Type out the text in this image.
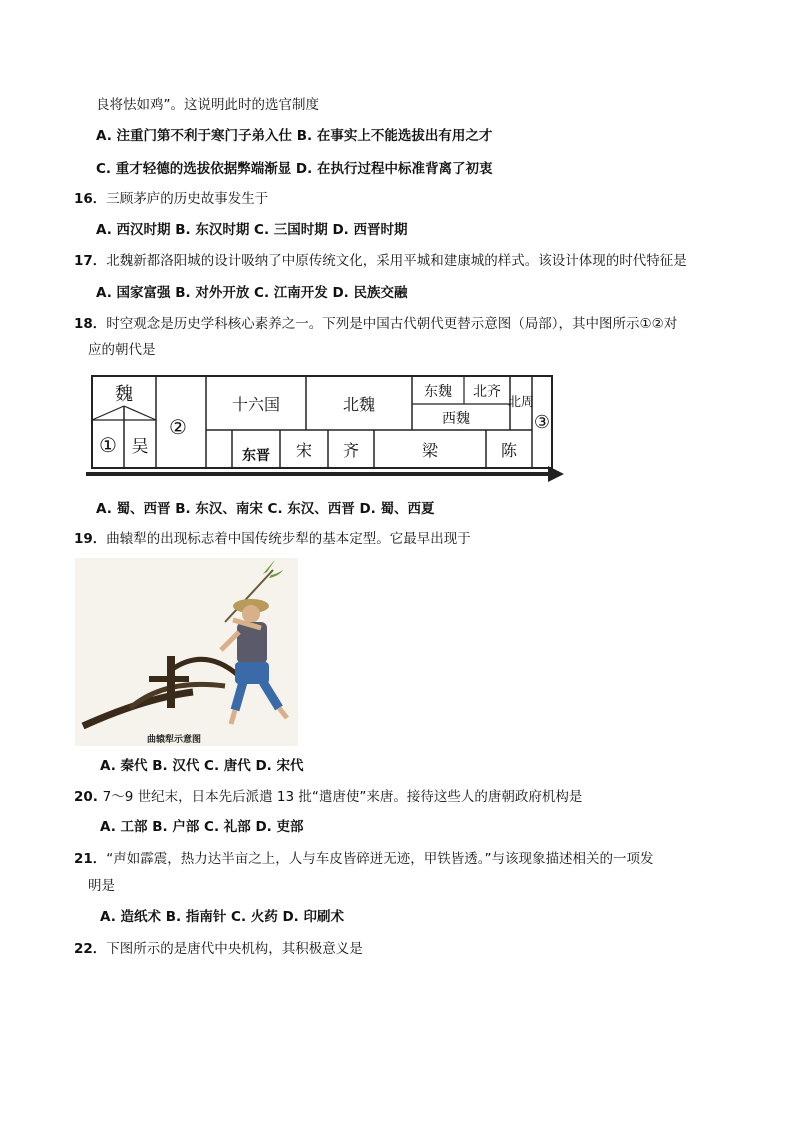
良将怯如鸡”。这说明此时的选官制度
A. 注重门第不利于寒门子弟入仕 B. 在事实上不能选拔出有用之才
C. 重才轻德的选拔依据弊端渐显 D. 在执行过程中标准背离了初衷
16．三顾茅庐的历史故事发生于
A. 西汉时期 B. 东汉时期 C. 三国时期 D. 西晋时期
17．北魏新都洛阳城的设计吸纳了中原传统文化，采用平城和建康城的样式。该设计体现的时代特征是
A. 国家富强 B. 对外开放 C. 江南开发 D. 民族交融
18．时空观念是历史学科核心素养之一。下列是中国古代朝代更替示意图（局部），其中图所示①②对
应的朝代是
魏
① 吴
②
十六国	北魏
东魏 北齐
北周
西魏	③
东晋 宋 齐	梁	陈
A. 蜀、西晋 B. 东汉、南宋 C. 东汉、西晋 D. 蜀、西夏
19．曲辕犁的出现标志着中国传统步犁的基本定型。它最早出现于
曲辕犁示意图
A. 秦代 B. 汉代 C. 唐代 D. 宋代
20. 7～9 世纪末，日本先后派遣 13 批“遣唐使”来唐。接待这些人的唐朝政府机构是
A. 工部 B. 户部 C. 礼部 D. 吏部
21．“声如霹震，热力达半亩之上，人与车皮皆碎迸无迹，甲铁皆透。”与该现象描述相关的一项发
明是
A. 造纸术 B. 指南针 C. 火药 D. 印刷术
22．下图所示的是唐代中央机构，其积极意义是
